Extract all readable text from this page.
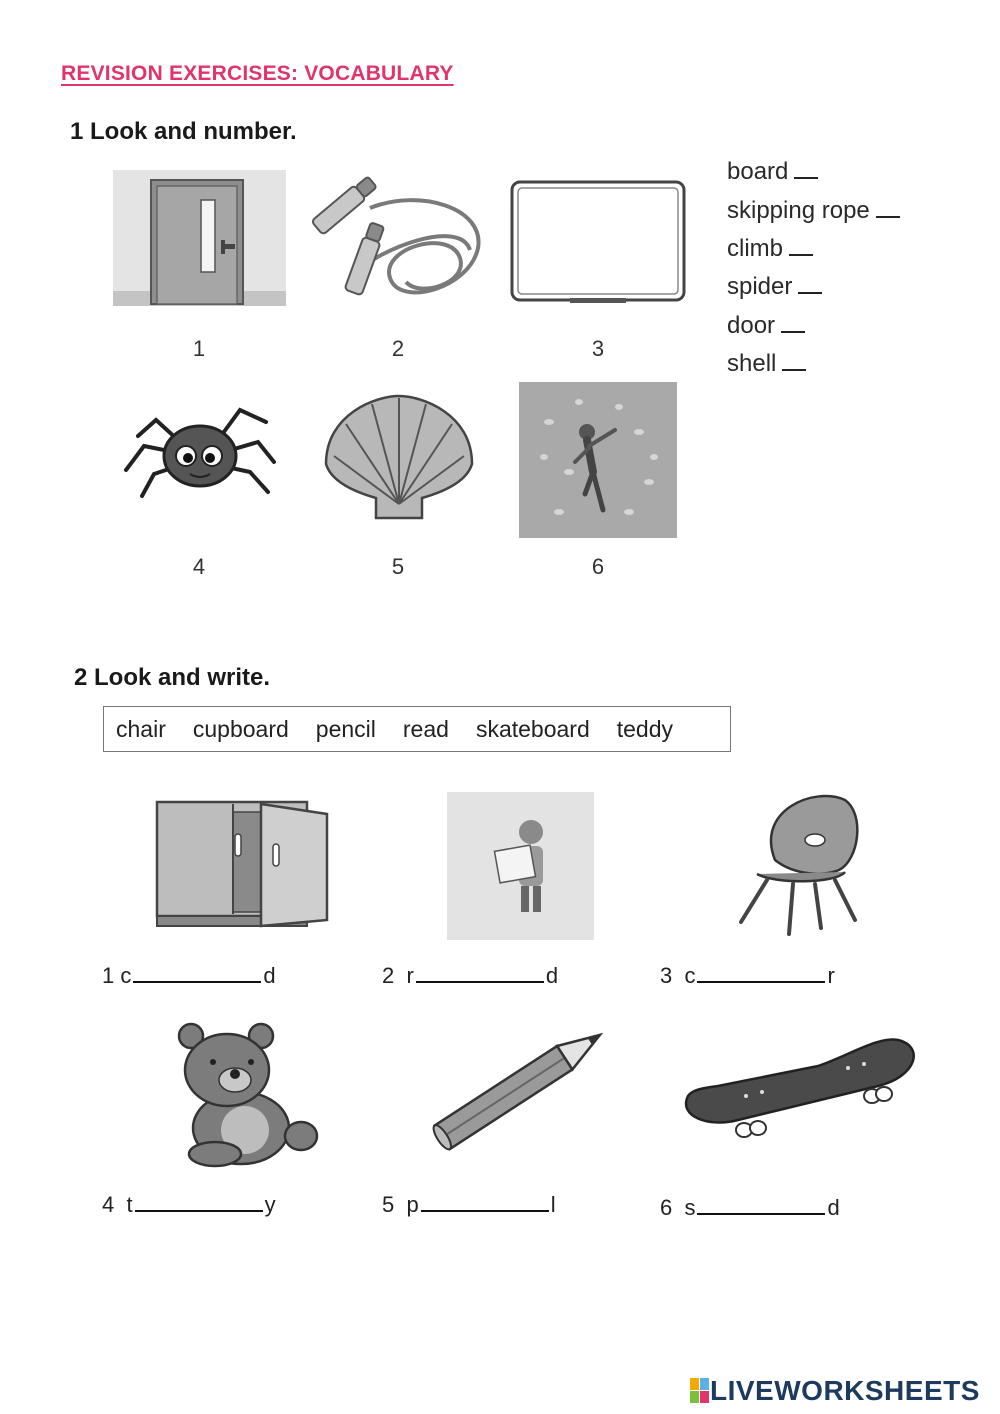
REVISION EXERCISES: VOCABULARY
1 Look and number.
1	2	3
board
skipping rope
climb
spider
door
shell
4	5	6
2 Look and write.
chair cupboard pencil read skateboard teddy
1 c	d	2 r	d	3 c	r
4 t	y	5 p	l	6 s	d
LIVEWORKSHEETS
